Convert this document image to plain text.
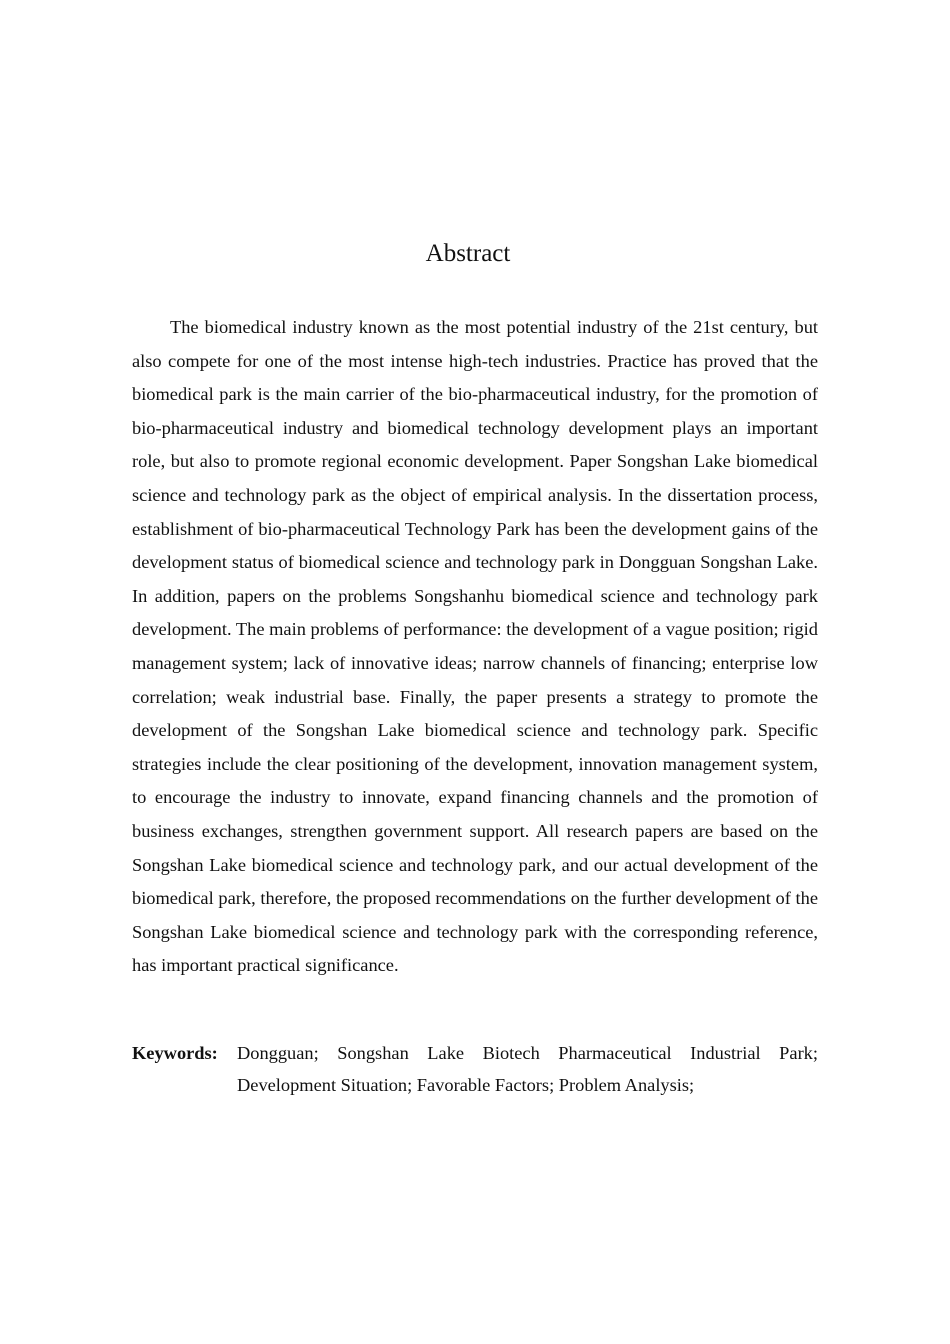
Abstract

The biomedical industry known as the most potential industry of the 21st century, but also compete for one of the most intense high-tech industries. Practice has proved that the biomedical park is the main carrier of the bio-pharmaceutical industry, for the promotion of bio-pharmaceutical industry and biomedical technology development plays an important role, but also to promote regional economic development. Paper Songshan Lake biomedical science and technology park as the object of empirical analysis. In the dissertation process, establishment of bio-pharmaceutical Technology Park has been the development gains of the development status of biomedical science and technology park in Dongguan Songshan Lake. In addition, papers on the problems Songshanhu biomedical science and technology park development. The main problems of performance: the development of a vague position; rigid management system; lack of innovative ideas; narrow channels of financing; enterprise low correlation; weak industrial base. Finally, the paper presents a strategy to promote the development of the Songshan Lake biomedical science and technology park. Specific strategies include the clear positioning of the development, innovation management system, to encourage the industry to innovate, expand financing channels and the promotion of business exchanges, strengthen government support. All research papers are based on the Songshan Lake biomedical science and technology park, and our actual development of the biomedical park, therefore, the proposed recommendations on the further development of the Songshan Lake biomedical science and technology park with the corresponding reference, has important practical significance.

Keywords:	Dongguan; Songshan Lake Biotech Pharmaceutical Industrial Park; Development Situation; Favorable Factors; Problem Analysis;
